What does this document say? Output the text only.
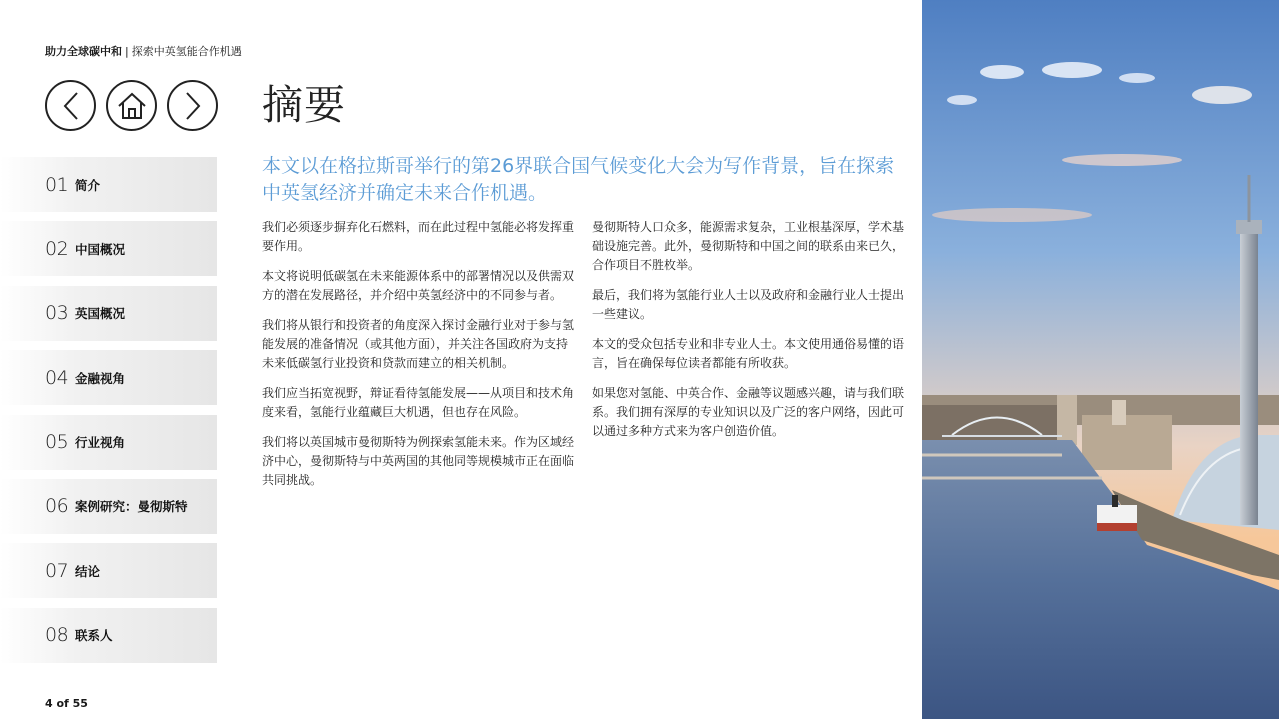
助力全球碳中和 | 探索中英氢能合作机遇
01 简介
02 中国概况
03 英国概况
04 金融视角
05 行业视角
06 案例研究：曼彻斯特
07 结论
08 联系人
4 of 55
摘要

本文以在格拉斯哥举行的第26界联合国气候变化大会为写作背景，旨在探索中英氢经济并确定未来合作机遇。

我们必须逐步摒弃化石燃料，而在此过程中氢能必将发挥重要作用。

本文将说明低碳氢在未来能源体系中的部署情况以及供需双方的潜在发展路径，并介绍中英氢经济中的不同参与者。

我们将从银行和投资者的角度深入探讨金融行业对于参与氢能发展的准备情况（或其他方面），并关注各国政府为支持未来低碳氢行业投资和贷款而建立的相关机制。

我们应当拓宽视野，辩证看待氢能发展——从项目和技术角度来看，氢能行业蕴藏巨大机遇，但也存在风险。

我们将以英国城市曼彻斯特为例探索氢能未来。作为区域经济中心，曼彻斯特与中英两国的其他同等规模城市正在面临共同挑战。

曼彻斯特人口众多，能源需求复杂，工业根基深厚，学术基础设施完善。此外，曼彻斯特和中国之间的联系由来已久，合作项目不胜枚举。

最后，我们将为氢能行业人士以及政府和金融行业人士提出一些建议。

本文的受众包括专业和非专业人士。本文使用通俗易懂的语言，旨在确保每位读者都能有所收获。

如果您对氢能、中英合作、金融等议题感兴趣，请与我们联系。我们拥有深厚的专业知识以及广泛的客户网络，因此可以通过多种方式来为客户创造价值。
